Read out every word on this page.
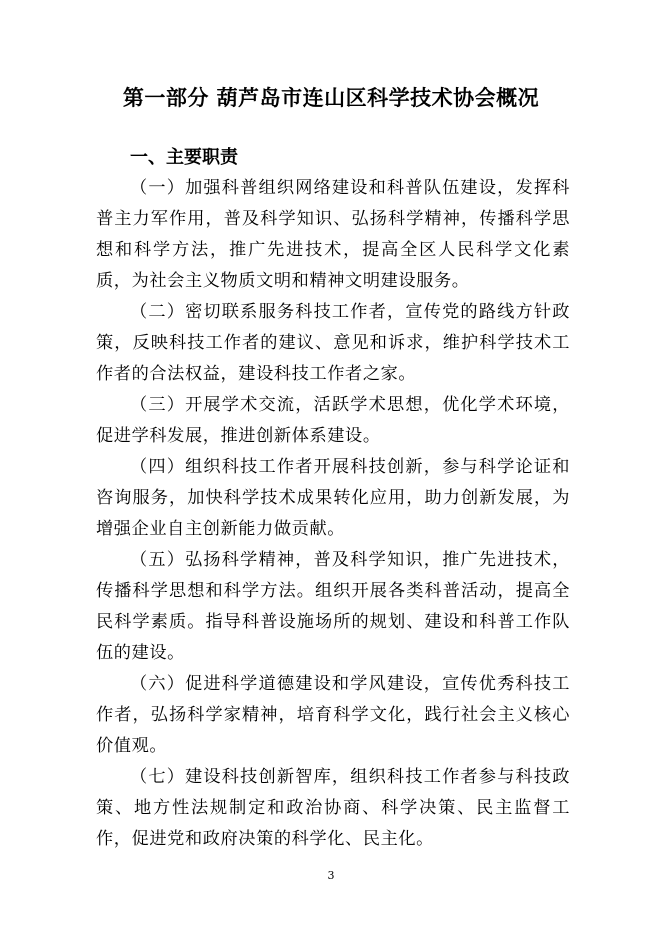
第一部分 葫芦岛市连山区科学技术协会概况
一、主要职责

（一）加强科普组织网络建设和科普队伍建设，发挥科普主力军作用，普及科学知识、弘扬科学精神，传播科学思想和科学方法，推广先进技术，提高全区人民科学文化素质，为社会主义物质文明和精神文明建设服务。

（二）密切联系服务科技工作者，宣传党的路线方针政策，反映科技工作者的建议、意见和诉求，维护科学技术工作者的合法权益，建设科技工作者之家。

（三）开展学术交流，活跃学术思想，优化学术环境，促进学科发展，推进创新体系建设。

（四）组织科技工作者开展科技创新，参与科学论证和咨询服务，加快科学技术成果转化应用，助力创新发展，为增强企业自主创新能力做贡献。

（五）弘扬科学精神，普及科学知识，推广先进技术，传播科学思想和科学方法。组织开展各类科普活动，提高全民科学素质。指导科普设施场所的规划、建设和科普工作队伍的建设。

（六）促进科学道德建设和学风建设，宣传优秀科技工作者，弘扬科学家精神，培育科学文化，践行社会主义核心价值观。

（七）建设科技创新智库，组织科技工作者参与科技政策、地方性法规制定和政治协商、科学决策、民主监督工作，促进党和政府决策的科学化、民主化。

3
